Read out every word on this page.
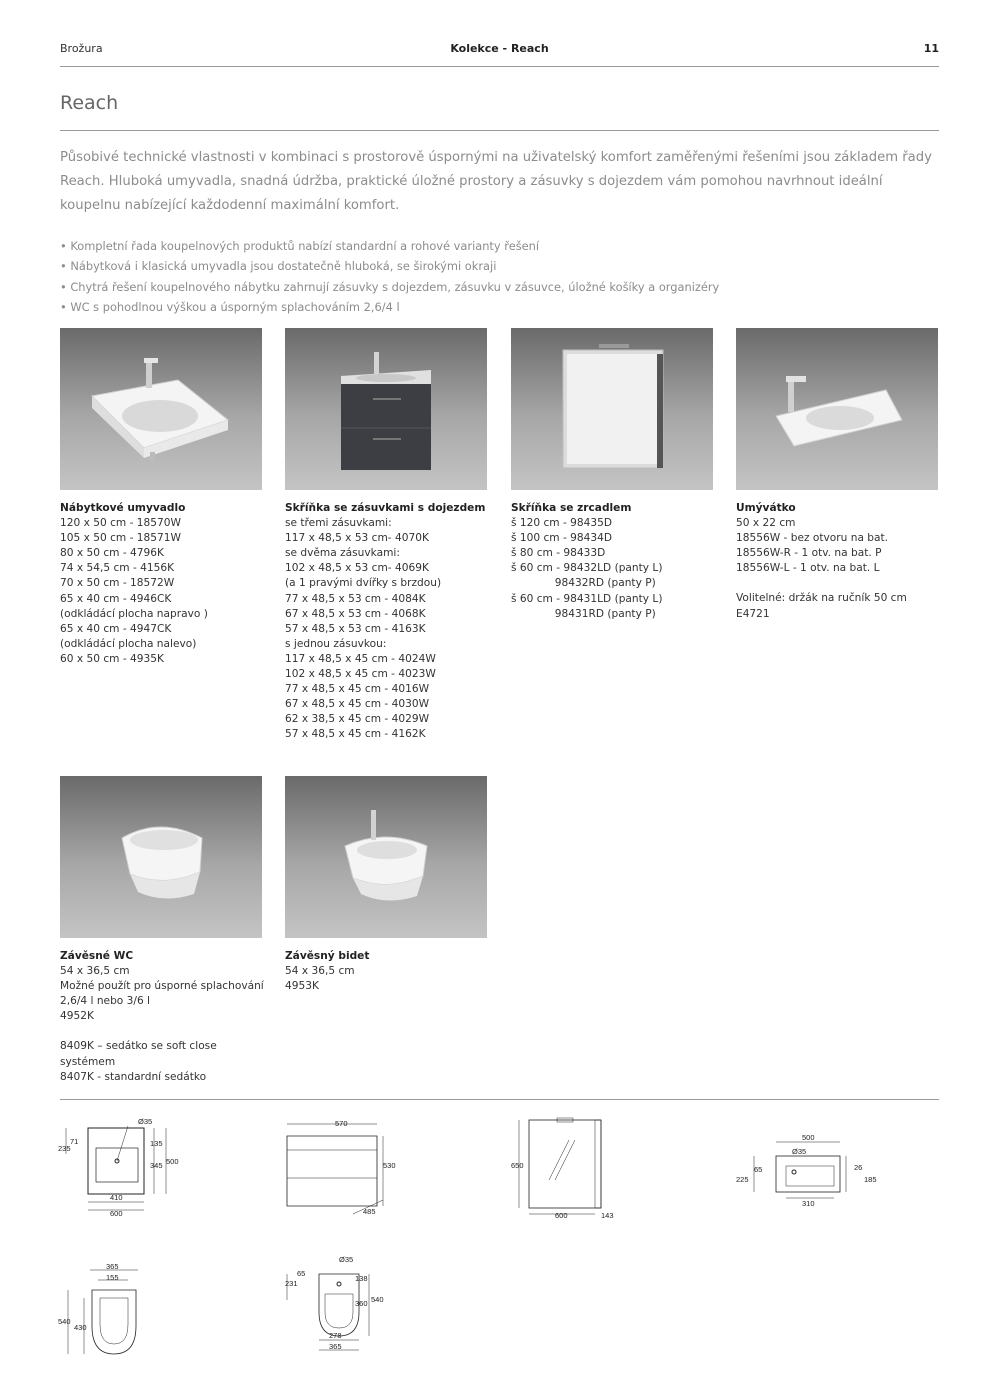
Brožura	Kolekce - Reach	11
Reach
Působivé technické vlastnosti v kombinaci s prostorově úspornými na uživatelský komfort zaměřenými řešeními jsou základem řady Reach. Hluboká umyvadla, snadná údržba, praktické úložné prostory a zásuvky s dojezdem vám pomohou navrhnout ideální koupelnu nabízející každodenní maximální komfort.
• Kompletní řada koupelnových produktů nabízí standardní a rohové varianty řešení
• Nábytková i klasická umyvadla jsou dostatečně hluboká, se širokými okraji
• Chytrá řešení koupelnového nábytku zahrnují zásuvky s dojezdem, zásuvku v zásuvce, úložné košíky a organizéry
• WC s pohodlnou výškou a úsporným splachováním 2,6/4 l
Nábytkové umyvadlo
120 x 50 cm - 18570W
105 x 50 cm - 18571W
80 x 50 cm - 4796K
74 x 54,5 cm - 4156K
70 x 50 cm - 18572W
65 x 40 cm - 4946CK
(odkládácí plocha napravo )
65 x 40 cm - 4947CK
(odkládácí plocha nalevo)
60 x 50 cm - 4935K
Skříňka se zásuvkami s dojezdem
se třemi zásuvkami:
117 x 48,5 x 53 cm- 4070K
se dvěma zásuvkami:
102 x 48,5 x 53 cm- 4069K
(a 1 pravými dvířky s brzdou)
77 x 48,5 x 53 cm - 4084K
67 x 48,5 x 53 cm - 4068K
57 x 48,5 x 53 cm - 4163K
s jednou zásuvkou:
117 x 48,5 x 45 cm - 4024W
102 x 48,5 x 45 cm - 4023W
77 x 48,5 x 45 cm - 4016W
67 x 48,5 x 45 cm - 4030W
62 x 38,5 x 45 cm - 4029W
57 x 48,5 x 45 cm - 4162K
Skříňka se zrcadlem
š 120 cm - 98435D
š 100 cm - 98434D
š 80 cm - 98433D
š 60 cm - 98432LD (panty L)
98432RD (panty P)
š 60 cm - 98431LD (panty L)
98431RD (panty P)
Umývátko
50 x 22 cm
18556W - bez otvoru na bat.
18556W-R - 1 otv. na bat. P
18556W-L - 1 otv. na bat. L
Volitelné: držák na ručník 50 cm
E4721
Závěsné WC
54 x 36,5 cm
Možné použít pro úsporné splachování
2,6/4 l nebo 3/6 l
4952K
8409K – sedátko se soft close
systémem
8407K - standardní sedátko
Závěsný bidet
54 x 36,5 cm
4953K
Ø35
71
235
135
345 500
410
600
570
530
485
650
600	143
500
Ø35
65
225
26
185
310
365
155
540
430
Ø35
65
231
138
360 540
278
365
